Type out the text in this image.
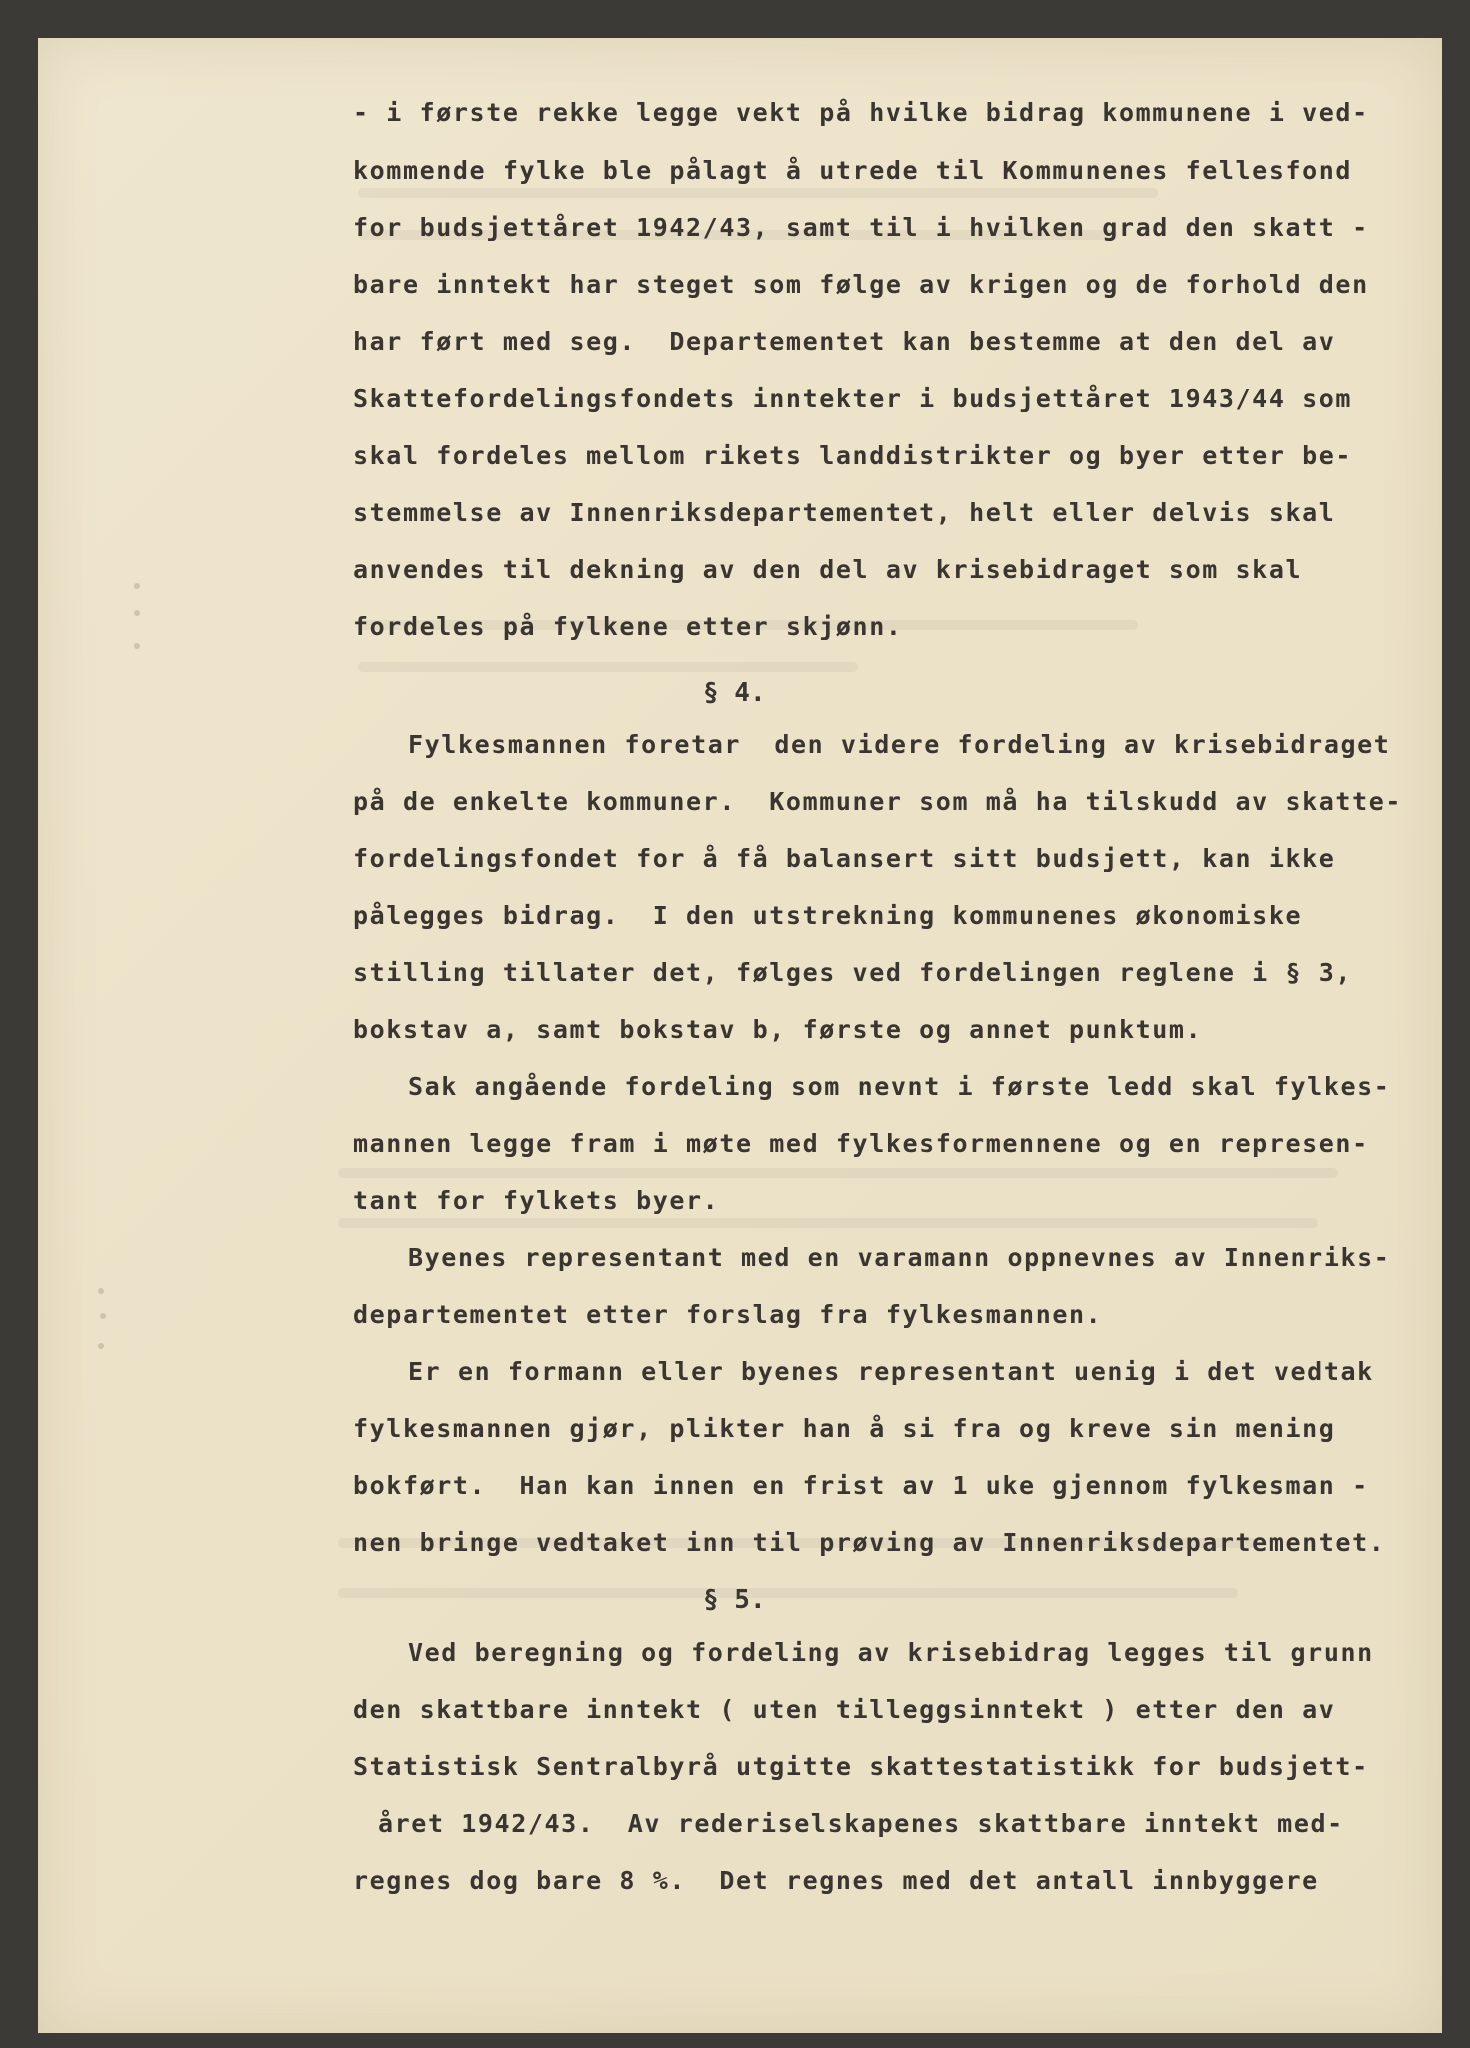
- i første rekke legge vekt på hvilke bidrag kommunene i ved-
kommende fylke ble pålagt å utrede til Kommunenes fellesfond
for budsjettåret 1942/43, samt til i hvilken grad den skatt -
bare inntekt har steget som følge av krigen og de forhold den
har ført med seg.  Departementet kan bestemme at den del av
Skattefordelingsfondets inntekter i budsjettåret 1943/44 som
skal fordeles mellom rikets landdistrikter og byer etter be-
stemmelse av Innenriksdepartementet, helt eller delvis skal
anvendes til dekning av den del av krisebidraget som skal
fordeles på fylkene etter skjønn.
§ 4.
Fylkesmannen foretar  den videre fordeling av krisebidraget
på de enkelte kommuner.  Kommuner som må ha tilskudd av skatte-
fordelingsfondet for å få balansert sitt budsjett, kan ikke
pålegges bidrag.  I den utstrekning kommunenes økonomiske
stilling tillater det, følges ved fordelingen reglene i § 3,
bokstav a, samt bokstav b, første og annet punktum.
Sak angående fordeling som nevnt i første ledd skal fylkes-
mannen legge fram i møte med fylkesformennene og en represen-
tant for fylkets byer.
Byenes representant med en varamann oppnevnes av Innenriks-
departementet etter forslag fra fylkesmannen.
Er en formann eller byenes representant uenig i det vedtak
fylkesmannen gjør, plikter han å si fra og kreve sin mening
bokført.  Han kan innen en frist av 1 uke gjennom fylkesman -
nen bringe vedtaket inn til prøving av Innenriksdepartementet.
§ 5.
Ved beregning og fordeling av krisebidrag legges til grunn
den skattbare inntekt ( uten tilleggsinntekt ) etter den av
Statistisk Sentralbyrå utgitte skattestatistikk for budsjett-
året 1942/43.  Av rederiselskapenes skattbare inntekt med-
regnes dog bare 8 %.  Det regnes med det antall innbyggere
